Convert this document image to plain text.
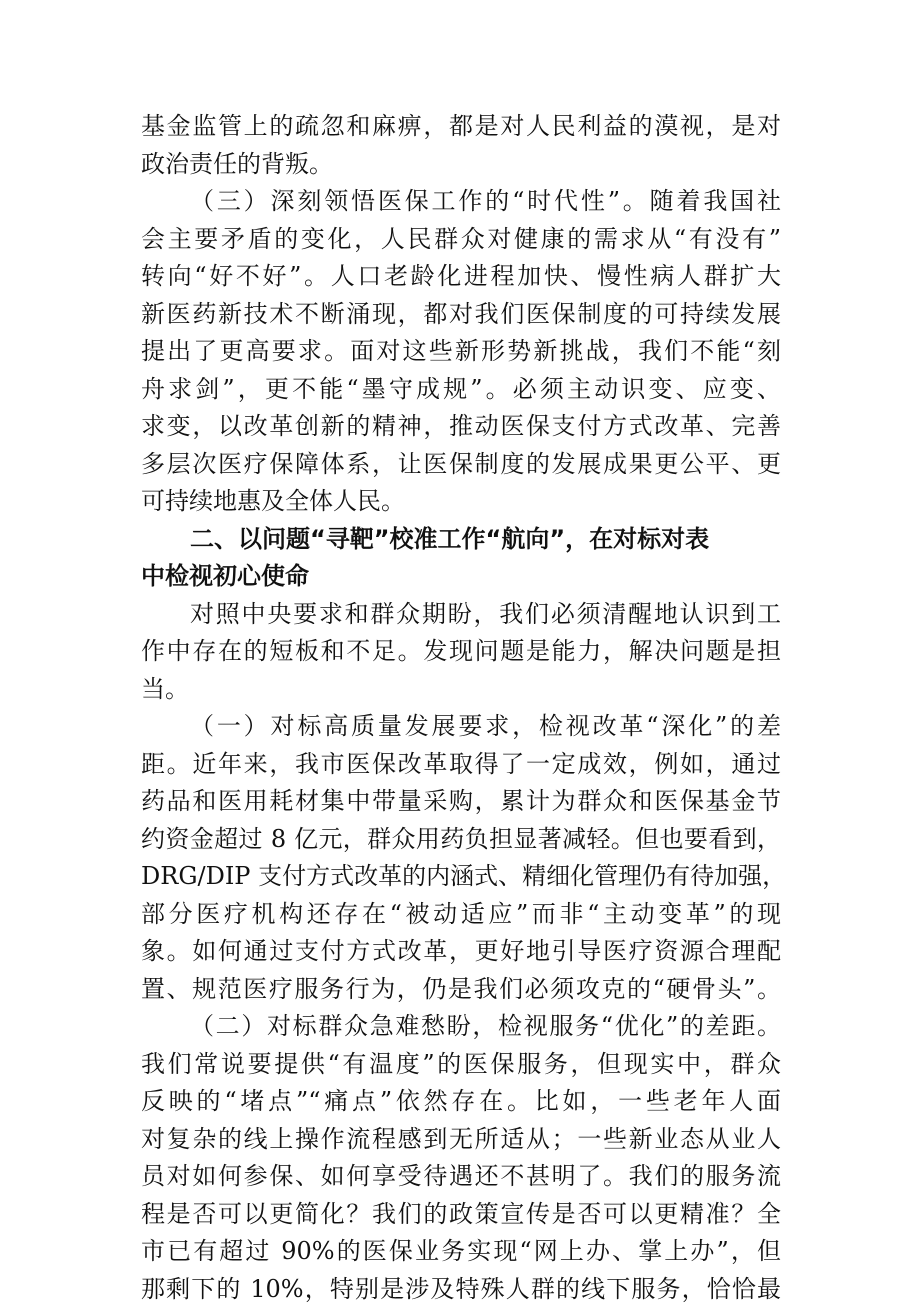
基金监管上的疏忽和麻痹，都是对人民利益的漠视，是对
政治责任的背叛。
（三）深刻领悟医保工作的“时代性”。随着我国社
会主要矛盾的变化，人民群众对健康的需求从“有没有”
转向“好不好”。人口老龄化进程加快、慢性病人群扩大
新医药新技术不断涌现，都对我们医保制度的可持续发展
提出了更高要求。面对这些新形势新挑战，我们不能“刻
舟求剑”，更不能“墨守成规”。必须主动识变、应变、
求变，以改革创新的精神，推动医保支付方式改革、完善
多层次医疗保障体系，让医保制度的发展成果更公平、更
可持续地惠及全体人民。
二、以问题“寻靶”校准工作“航向”，在对标对表
中检视初心使命
对照中央要求和群众期盼，我们必须清醒地认识到工
作中存在的短板和不足。发现问题是能力，解决问题是担
当。
（一）对标高质量发展要求，检视改革“深化”的差
距。近年来，我市医保改革取得了一定成效，例如，通过
药品和医用耗材集中带量采购，累计为群众和医保基金节
约资金超过 8 亿元，群众用药负担显著减轻。但也要看到，
DRG/DIP 支付方式改革的内涵式、精细化管理仍有待加强，
部分医疗机构还存在“被动适应”而非“主动变革”的现
象。如何通过支付方式改革，更好地引导医疗资源合理配
置、规范医疗服务行为，仍是我们必须攻克的“硬骨头”。
（二）对标群众急难愁盼，检视服务“优化”的差距。
我们常说要提供“有温度”的医保服务，但现实中，群众
反映的“堵点”“痛点”依然存在。比如，一些老年人面
对复杂的线上操作流程感到无所适从；一些新业态从业人
员对如何参保、如何享受待遇还不甚明了。我们的服务流
程是否可以更简化？我们的政策宣传是否可以更精准？全
市已有超过 90%的医保业务实现“网上办、掌上办”，但
那剩下的 10%，特别是涉及特殊人群的线下服务，恰恰最
